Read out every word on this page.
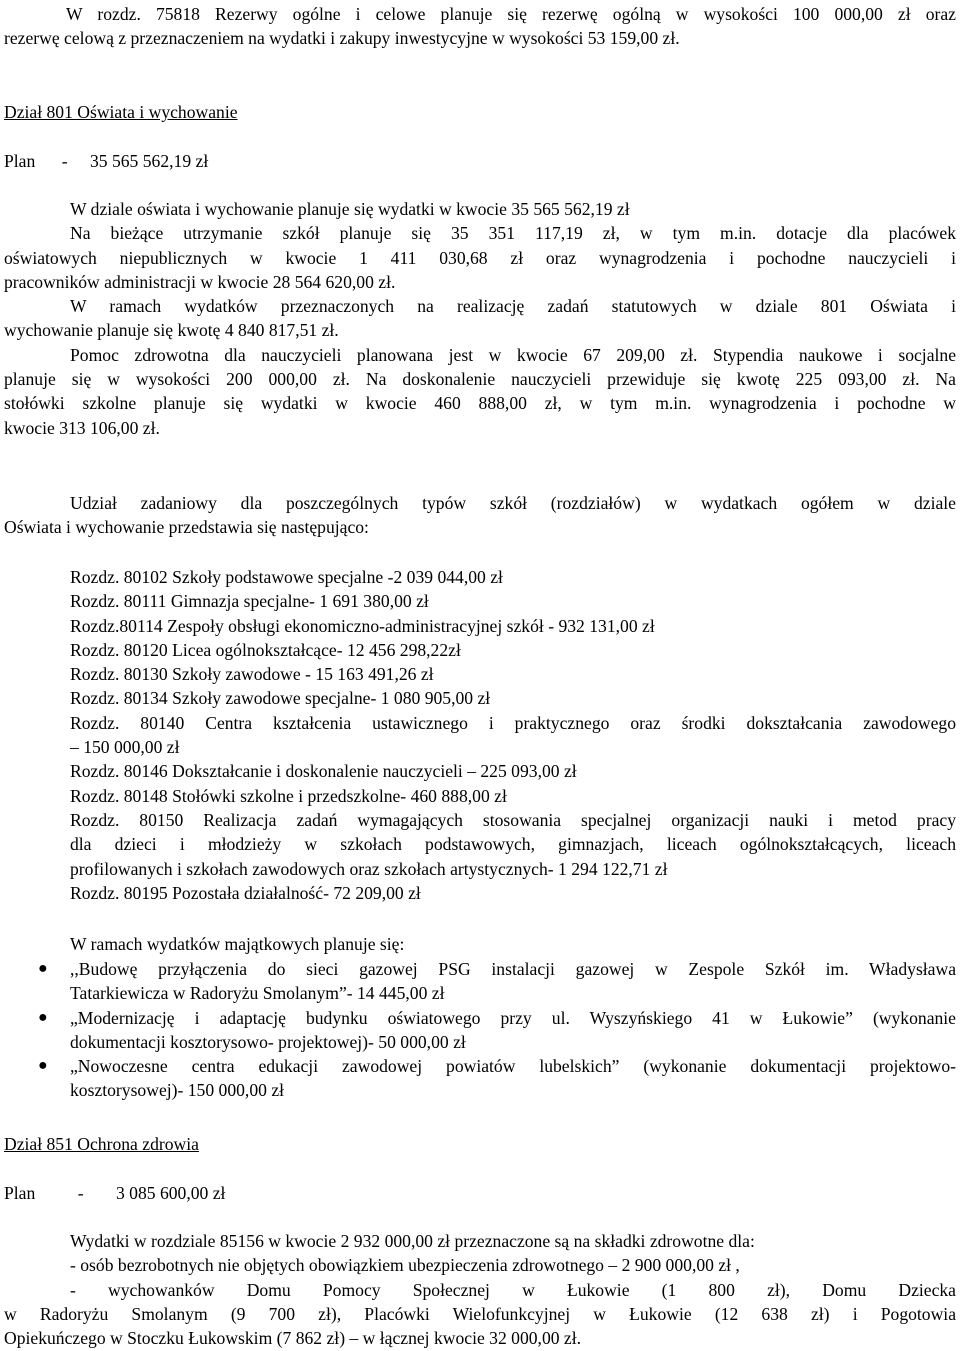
W rozdz. 75818 Rezerwy ogólne i celowe planuje się rezerwę ogólną w wysokości 100 000,00 zł oraz
rezerwę celową z przeznaczeniem na wydatki i zakupy inwestycyjne w wysokości 53 159,00 zł.
Dział 801 Oświata i wychowanie
Plan - 35 565 562,19 zł
W dziale oświata i wychowanie planuje się wydatki w kwocie 35 565 562,19 zł
Na bieżące utrzymanie szkół planuje się 35 351 117,19 zł, w tym m.in. dotacje dla placówek
oświatowych niepublicznych w kwocie 1 411 030,68 zł oraz wynagrodzenia i pochodne nauczycieli i
pracowników administracji w kwocie 28 564 620,00 zł.
W ramach wydatków przeznaczonych na realizację zadań statutowych w dziale 801 Oświata i
wychowanie planuje się kwotę 4 840 817,51 zł.
Pomoc zdrowotna dla nauczycieli planowana jest w kwocie 67 209,00 zł. Stypendia naukowe i socjalne
planuje się w wysokości 200 000,00 zł. Na doskonalenie nauczycieli przewiduje się kwotę 225 093,00 zł. Na
stołówki szkolne planuje się wydatki w kwocie 460 888,00 zł, w tym m.in. wynagrodzenia i pochodne w
kwocie 313 106,00 zł.
Udział zadaniowy dla poszczególnych typów szkół (rozdziałów) w wydatkach ogółem w dziale
Oświata i wychowanie przedstawia się następująco:
Rozdz. 80102 Szkoły podstawowe specjalne -2 039 044,00 zł
Rozdz. 80111 Gimnazja specjalne- 1 691 380,00 zł
Rozdz.80114 Zespoły obsługi ekonomiczno-administracyjnej szkół - 932 131,00 zł
Rozdz. 80120 Licea ogólnokształcące- 12 456 298,22zł
Rozdz. 80130 Szkoły zawodowe - 15 163 491,26 zł
Rozdz. 80134 Szkoły zawodowe specjalne- 1 080 905,00 zł
Rozdz. 80140 Centra kształcenia ustawicznego i praktycznego oraz środki dokształcania zawodowego
– 150 000,00 zł
Rozdz. 80146 Dokształcanie i doskonalenie nauczycieli – 225 093,00 zł
Rozdz. 80148 Stołówki szkolne i przedszkolne- 460 888,00 zł
Rozdz. 80150 Realizacja zadań wymagających stosowania specjalnej organizacji nauki i metod pracy
dla dzieci i młodzieży w szkołach podstawowych, gimnazjach, liceach ogólnokształcących, liceach
profilowanych i szkołach zawodowych oraz szkołach artystycznych- 1 294 122,71 zł
Rozdz. 80195 Pozostała działalność- 72 209,00 zł
W ramach wydatków majątkowych planuje się:
● ,,Budowę przyłączenia do sieci gazowej PSG instalacji gazowej w Zespole Szkół im. Władysława
Tatarkiewicza w Radoryżu Smolanym”- 14 445,00 zł
● „Modernizację i adaptację budynku oświatowego przy ul. Wyszyńskiego 41 w Łukowie” (wykonanie
dokumentacji kosztorysowo- projektowej)- 50 000,00 zł
● „Nowoczesne centra edukacji zawodowej powiatów lubelskich” (wykonanie dokumentacji projektowo-
kosztorysowej)- 150 000,00 zł
Dział 851 Ochrona zdrowia
Plan - 3 085 600,00 zł
Wydatki w rozdziale 85156 w kwocie 2 932 000,00 zł przeznaczone są na składki zdrowotne dla:
- osób bezrobotnych nie objętych obowiązkiem ubezpieczenia zdrowotnego – 2 900 000,00 zł ,
- wychowanków Domu Pomocy Społecznej w Łukowie (1 800 zł), Domu Dziecka
w Radoryżu Smolanym (9 700 zł), Placówki Wielofunkcyjnej w Łukowie (12 638 zł) i Pogotowia
Opiekuńczego w Stoczku Łukowskim (7 862 zł) – w łącznej kwocie 32 000,00 zł.
